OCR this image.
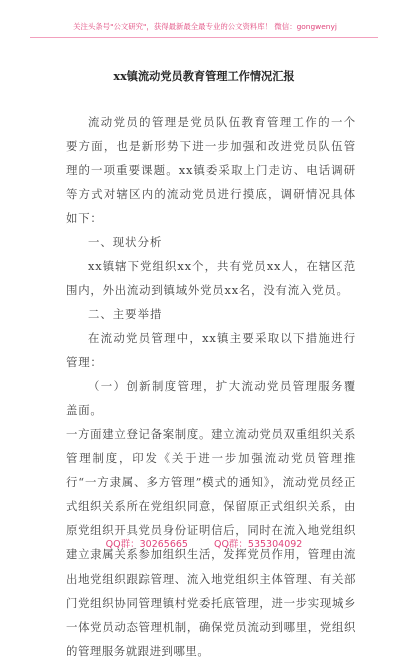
关注头条号"公文研究"，获得最新最全最专业的公文资料库！ 微信：gongwenyj
xx镇流动党员教育管理工作情况汇报

流动党员的管理是党员队伍教育管理工作的一个要方面，也是新形势下进一步加强和改进党员队伍管理的一项重要课题。xx镇委采取上门走访、电话调研等方式对辖区内的流动党员进行摸底，调研情况具体如下：

一、现状分析

xx镇辖下党组织xx个，共有党员xx人，在辖区范围内，外出流动到镇域外党员xx名，没有流入党员。

二、主要举措

在流动党员管理中，xx镇主要采取以下措施进行管理：

（一）创新制度管理，扩大流动党员管理服务覆盖面。

一方面建立登记备案制度。建立流动党员双重组织关系管理制度，印发《关于进一步加强流动党员管理推行“一方隶属、多方管理”模式的通知》，流动党员经正式组织关系所在党组织同意，保留原正式组织关系，由原党组织开具党员身份证明信后，同时在流入地党组织建立隶属关系参加组织生活，发挥党员作用，管理由流出地党组织跟踪管理、流入地党组织主体管理、有关部门党组织协同管理镇村党委托底管理，进一步实现城乡一体党员动态管理机制，确保党员流动到哪里，党组织的管理服务就跟进到哪里。

QQ群：30265665	QQ群：535304092
